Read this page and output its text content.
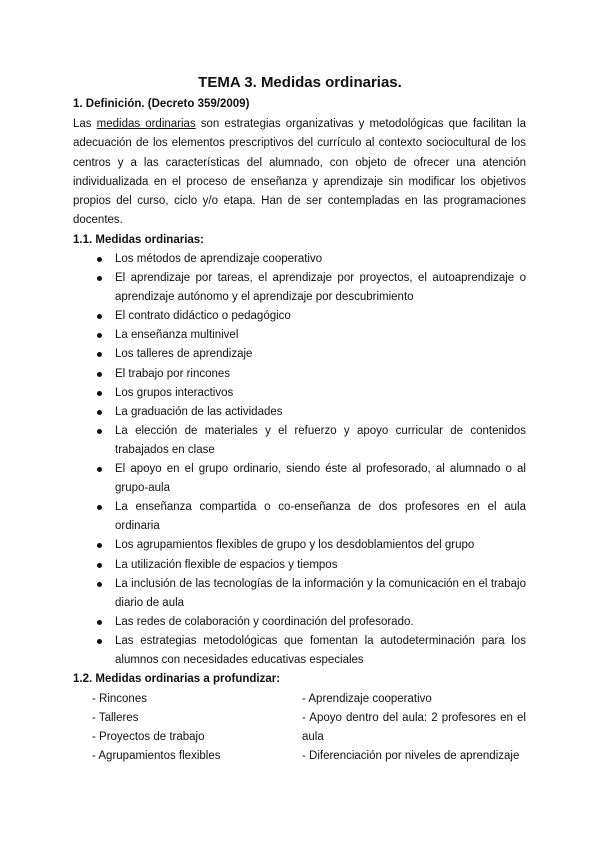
TEMA 3. Medidas ordinarias.
1. Definición. (Decreto 359/2009)

Las medidas ordinarias son estrategias organizativas y metodológicas que facilitan la adecuación de los elementos prescriptivos del currículo al contexto sociocultural de los centros y a las características del alumnado, con objeto de ofrecer una atención individualizada en el proceso de enseñanza y aprendizaje sin modificar los objetivos propios del curso, ciclo y/o etapa. Han de ser contempladas en las programaciones docentes.

1.1. Medidas ordinarias:
Los métodos de aprendizaje cooperativo
El aprendizaje por tareas, el aprendizaje por proyectos, el autoaprendizaje o aprendizaje autónomo y el aprendizaje por descubrimiento
El contrato didáctico o pedagógico
La enseñanza multinivel
Los talleres de aprendizaje
El trabajo por rincones
Los grupos interactivos
La graduación de las actividades
La elección de materiales y el refuerzo y apoyo curricular de contenidos trabajados en clase
El apoyo en el grupo ordinario, siendo éste al profesorado, al alumnado o al grupo-aula
La enseñanza compartida o co-enseñanza de dos profesores en el aula ordinaria
Los agrupamientos flexibles de grupo y los desdoblamientos del grupo
La utilización flexible de espacios y tiempos
La inclusión de las tecnologías de la información y la comunicación en el trabajo diario de aula
Las redes de colaboración y coordinación del profesorado.
Las estrategias metodológicas que fomentan la autodeterminación para los alumnos con necesidades educativas especiales
1.2. Medidas ordinarias a profundizar:
- Rincones
- Talleres
- Proyectos de trabajo
- Agrupamientos flexibles
- Aprendizaje cooperativo
- Apoyo dentro del aula: 2 profesores en el aula
- Diferenciación por niveles de aprendizaje
